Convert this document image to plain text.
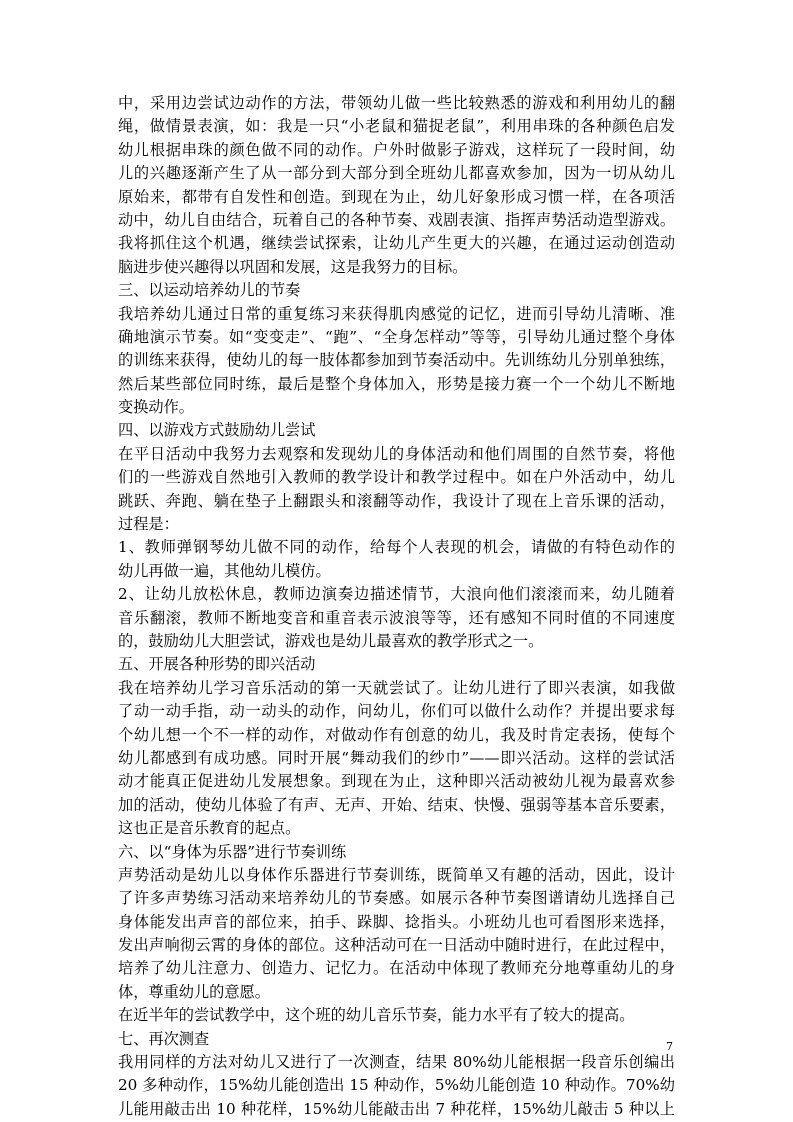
中，采用边尝试边动作的方法，带领幼儿做一些比较熟悉的游戏和利用幼儿的翻
绳，做情景表演，如：我是一只“小老鼠和猫捉老鼠”，利用串珠的各种颜色启发
幼儿根据串珠的颜色做不同的动作。户外时做影子游戏，这样玩了一段时间，幼
儿的兴趣逐渐产生了从一部分到大部分到全班幼儿都喜欢参加，因为一切从幼儿
原始来，都带有自发性和创造。到现在为止，幼儿好象形成习惯一样，在各项活
动中，幼儿自由结合，玩着自己的各种节奏、戏剧表演、指挥声势活动造型游戏。
我将抓住这个机遇，继续尝试探索，让幼儿产生更大的兴趣，在通过运动创造动
脑进步使兴趣得以巩固和发展，这是我努力的目标。
三、以运动培养幼儿的节奏
我培养幼儿通过日常的重复练习来获得肌肉感觉的记忆，进而引导幼儿清晰、准
确地演示节奏。如“变变走”、“跑”、“全身怎样动”等等，引导幼儿通过整个身体
的训练来获得，使幼儿的每一肢体都参加到节奏活动中。先训练幼儿分别单独练，
然后某些部位同时练，最后是整个身体加入，形势是接力赛一个一个幼儿不断地
变换动作。
四、以游戏方式鼓励幼儿尝试
在平日活动中我努力去观察和发现幼儿的身体活动和他们周围的自然节奏，将他
们的一些游戏自然地引入教师的教学设计和教学过程中。如在户外活动中，幼儿
跳跃、奔跑、躺在垫子上翻跟头和滚翻等动作，我设计了现在上音乐课的活动，
过程是：
1、教师弹钢琴幼儿做不同的动作，给每个人表现的机会，请做的有特色动作的
幼儿再做一遍，其他幼儿模仿。
2、让幼儿放松休息，教师边演奏边描述情节，大浪向他们滚滚而来，幼儿随着
音乐翻滚，教师不断地变音和重音表示波浪等等，还有感知不同时值的不同速度
的，鼓励幼儿大胆尝试，游戏也是幼儿最喜欢的教学形式之一。
五、开展各种形势的即兴活动
我在培养幼儿学习音乐活动的第一天就尝试了。让幼儿进行了即兴表演，如我做
了动一动手指，动一动头的动作，问幼儿，你们可以做什么动作？并提出要求每
个幼儿想一个不一样的动作，对做动作有创意的幼儿，我及时肯定表扬，使每个
幼儿都感到有成功感。同时开展“舞动我们的纱巾”——即兴活动。这样的尝试活
动才能真正促进幼儿发展想象。到现在为止，这种即兴活动被幼儿视为最喜欢参
加的活动，使幼儿体验了有声、无声、开始、结束、快慢、强弱等基本音乐要素，
这也正是音乐教育的起点。
六、以“身体为乐器”进行节奏训练
声势活动是幼儿以身体作乐器进行节奏训练，既简单又有趣的活动，因此，设计
了许多声势练习活动来培养幼儿的节奏感。如展示各种节奏图谱请幼儿选择自己
身体能发出声音的部位来，拍手、跺脚、捻指头。小班幼儿也可看图形来选择，
发出声响彻云霄的身体的部位。这种活动可在一日活动中随时进行，在此过程中，
培养了幼儿注意力、创造力、记忆力。在活动中体现了教师充分地尊重幼儿的身
体，尊重幼儿的意愿。
在近半年的尝试教学中，这个班的幼儿音乐节奏，能力水平有了较大的提高。
七、再次测查
我用同样的方法对幼儿又进行了一次测查，结果 80%幼儿能根据一段音乐创编出
20 多种动作，15%幼儿能创造出 15 种动作，5%幼儿能创造 10 种动作。70%幼
儿能用敲击出 10 种花样，15%幼儿能敲击出 7 种花样，15%幼儿敲击 5 种以上
7
